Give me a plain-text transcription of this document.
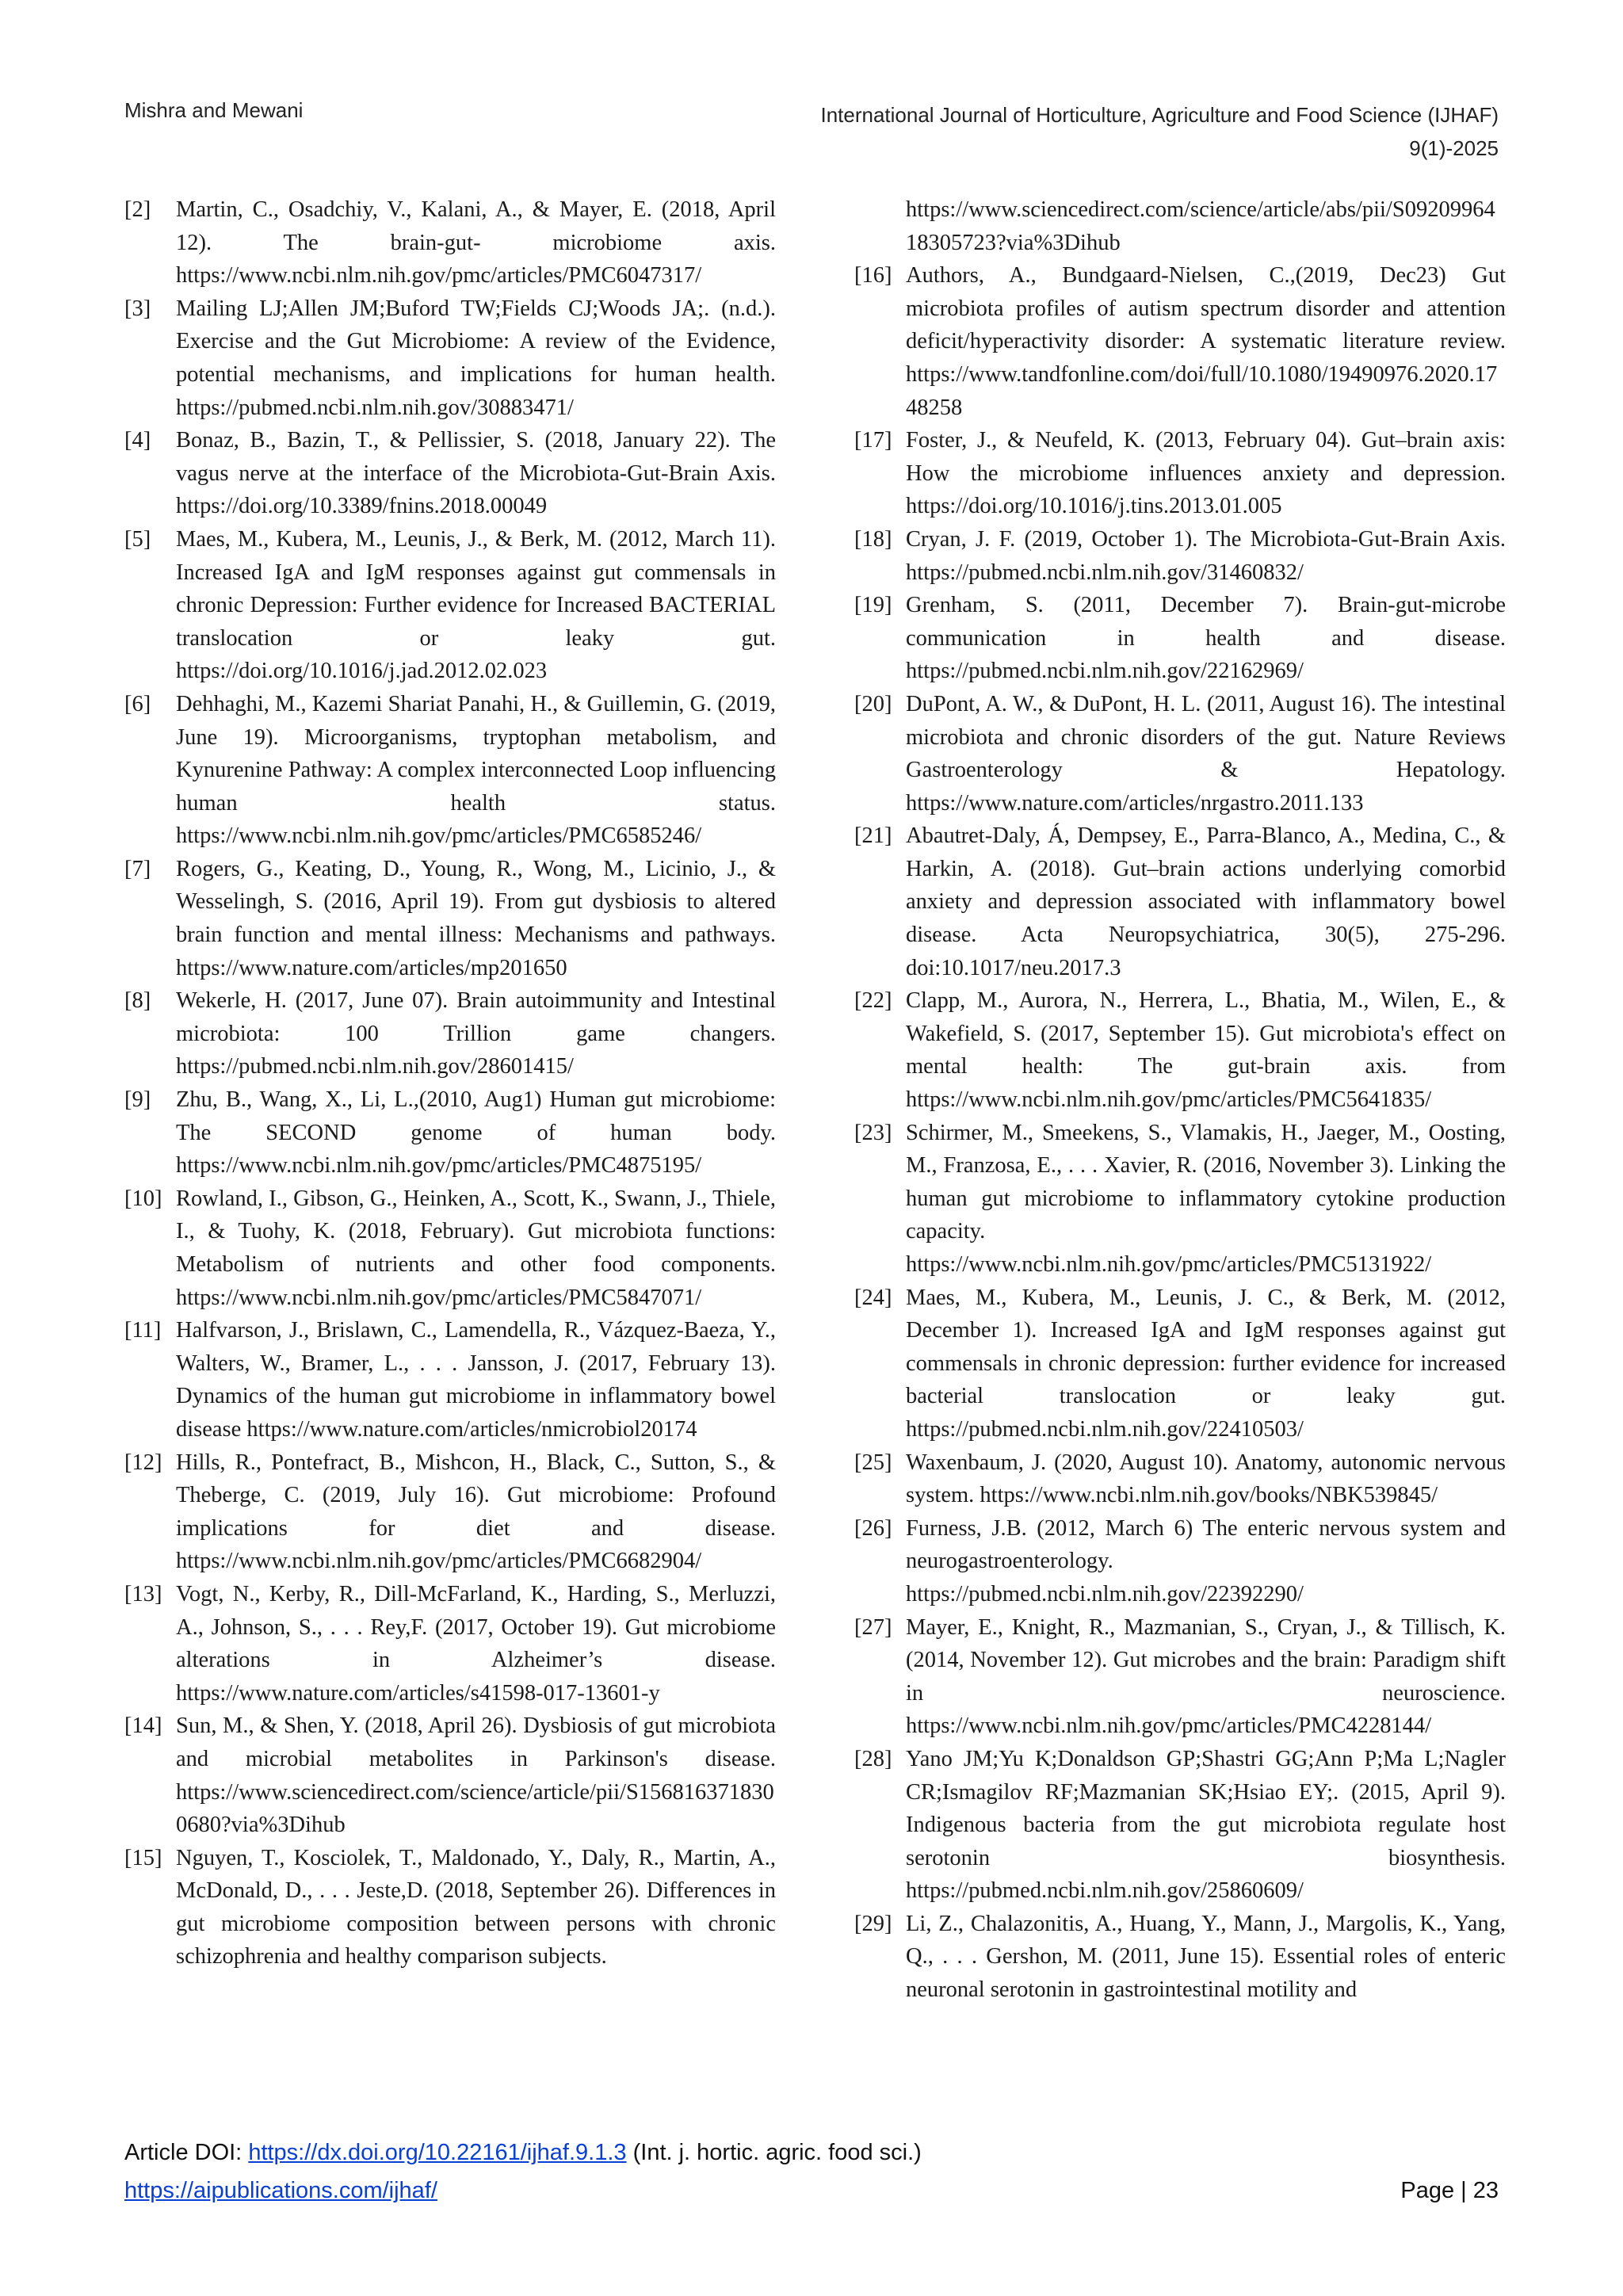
Mishra and Mewani	International Journal of Horticulture, Agriculture and Food Science (IJHAF)
9(1)-2025
[2] Martin, C., Osadchiy, V., Kalani, A., & Mayer, E. (2018, April 12). The brain-gut- microbiome axis. https://www.ncbi.nlm.nih.gov/pmc/articles/PMC6047317/
[3] Mailing LJ;Allen JM;Buford TW;Fields CJ;Woods JA;. (n.d.). Exercise and the Gut Microbiome: A review of the Evidence, potential mechanisms, and implications for human health. https://pubmed.ncbi.nlm.nih.gov/30883471/
[4] Bonaz, B., Bazin, T., & Pellissier, S. (2018, January 22). The vagus nerve at the interface of the Microbiota-Gut-Brain Axis. https://doi.org/10.3389/fnins.2018.00049
[5] Maes, M., Kubera, M., Leunis, J., & Berk, M. (2012, March 11). Increased IgA and IgM responses against gut commensals in chronic Depression: Further evidence for Increased BACTERIAL translocation or leaky gut. https://doi.org/10.1016/j.jad.2012.02.023
[6] Dehhaghi, M., Kazemi Shariat Panahi, H., & Guillemin, G. (2019, June 19). Microorganisms, tryptophan metabolism, and Kynurenine Pathway: A complex interconnected Loop influencing human health status. https://www.ncbi.nlm.nih.gov/pmc/articles/PMC6585246/
[7] Rogers, G., Keating, D., Young, R., Wong, M., Licinio, J., & Wesselingh, S. (2016, April 19). From gut dysbiosis to altered brain function and mental illness: Mechanisms and pathways. https://www.nature.com/articles/mp201650
[8] Wekerle, H. (2017, June 07). Brain autoimmunity and Intestinal microbiota: 100 Trillion game changers. https://pubmed.ncbi.nlm.nih.gov/28601415/
[9] Zhu, B., Wang, X., Li, L.,(2010, Aug1) Human gut microbiome: The SECOND genome of human body. https://www.ncbi.nlm.nih.gov/pmc/articles/PMC4875195/
[10] Rowland, I., Gibson, G., Heinken, A., Scott, K., Swann, J., Thiele, I., & Tuohy, K. (2018, February). Gut microbiota functions: Metabolism of nutrients and other food components. https://www.ncbi.nlm.nih.gov/pmc/articles/PMC5847071/
[11] Halfvarson, J., Brislawn, C., Lamendella, R., Vázquez-Baeza, Y., Walters, W., Bramer, L., . . . Jansson, J. (2017, February 13). Dynamics of the human gut microbiome in inflammatory bowel disease https://www.nature.com/articles/nmicrobiol20174
[12] Hills, R., Pontefract, B., Mishcon, H., Black, C., Sutton, S., & Theberge, C. (2019, July 16). Gut microbiome: Profound implications for diet and disease. https://www.ncbi.nlm.nih.gov/pmc/articles/PMC6682904/
[13] Vogt, N., Kerby, R., Dill-McFarland, K., Harding, S., Merluzzi, A., Johnson, S., . . . Rey,F. (2017, October 19). Gut microbiome alterations in Alzheimer’s disease. https://www.nature.com/articles/s41598-017-13601-y
[14] Sun, M., & Shen, Y. (2018, April 26). Dysbiosis of gut microbiota and microbial metabolites in Parkinson's disease. https://www.sciencedirect.com/science/article/pii/S1568163718300680?via%3Dihub
[15] Nguyen, T., Kosciolek, T., Maldonado, Y., Daly, R., Martin, A., McDonald, D., . . . Jeste,D. (2018, September 26). Differences in gut microbiome composition between persons with chronic schizophrenia and healthy comparison subjects.
https://www.sciencedirect.com/science/article/abs/pii/S0920996418305723?via%3Dihub
[16] Authors, A., Bundgaard-Nielsen, C.,(2019, Dec23) Gut microbiota profiles of autism spectrum disorder and attention deficit/hyperactivity disorder: A systematic literature review. https://www.tandfonline.com/doi/full/10.1080/19490976.2020.1748258
[17] Foster, J., & Neufeld, K. (2013, February 04). Gut–brain axis: How the microbiome influences anxiety and depression. https://doi.org/10.1016/j.tins.2013.01.005
[18] Cryan, J. F. (2019, October 1). The Microbiota-Gut-Brain Axis. https://pubmed.ncbi.nlm.nih.gov/31460832/
[19] Grenham, S. (2011, December 7). Brain-gut-microbe communication in health and disease. https://pubmed.ncbi.nlm.nih.gov/22162969/
[20] DuPont, A. W., & DuPont, H. L. (2011, August 16). The intestinal microbiota and chronic disorders of the gut. Nature Reviews Gastroenterology & Hepatology. https://www.nature.com/articles/nrgastro.2011.133
[21] Abautret-Daly, Á, Dempsey, E., Parra-Blanco, A., Medina, C., & Harkin, A. (2018). Gut–brain actions underlying comorbid anxiety and depression associated with inflammatory bowel disease. Acta Neuropsychiatrica, 30(5), 275-296. doi:10.1017/neu.2017.3
[22] Clapp, M., Aurora, N., Herrera, L., Bhatia, M., Wilen, E., & Wakefield, S. (2017, September 15). Gut microbiota's effect on mental health: The gut-brain axis. from https://www.ncbi.nlm.nih.gov/pmc/articles/PMC5641835/
[23] Schirmer, M., Smeekens, S., Vlamakis, H., Jaeger, M., Oosting, M., Franzosa, E., . . . Xavier, R. (2016, November 3). Linking the human gut microbiome to inflammatory cytokine production capacity. https://www.ncbi.nlm.nih.gov/pmc/articles/PMC5131922/
[24] Maes, M., Kubera, M., Leunis, J. C., & Berk, M. (2012, December 1). Increased IgA and IgM responses against gut commensals in chronic depression: further evidence for increased bacterial translocation or leaky gut. https://pubmed.ncbi.nlm.nih.gov/22410503/
[25] Waxenbaum, J. (2020, August 10). Anatomy, autonomic nervous system. https://www.ncbi.nlm.nih.gov/books/NBK539845/
[26] Furness, J.B. (2012, March 6) The enteric nervous system and neurogastroenterology. https://pubmed.ncbi.nlm.nih.gov/22392290/
[27] Mayer, E., Knight, R., Mazmanian, S., Cryan, J., & Tillisch, K. (2014, November 12). Gut microbes and the brain: Paradigm shift in neuroscience. https://www.ncbi.nlm.nih.gov/pmc/articles/PMC4228144/
[28] Yano JM;Yu K;Donaldson GP;Shastri GG;Ann P;Ma L;Nagler CR;Ismagilov RF;Mazmanian SK;Hsiao EY;. (2015, April 9). Indigenous bacteria from the gut microbiota regulate host serotonin biosynthesis. https://pubmed.ncbi.nlm.nih.gov/25860609/
[29] Li, Z., Chalazonitis, A., Huang, Y., Mann, J., Margolis, K., Yang, Q., . . . Gershon, M. (2011, June 15). Essential roles of enteric neuronal serotonin in gastrointestinal motility and
Article DOI: https://dx.doi.org/10.22161/ijhaf.9.1.3 (Int. j. hortic. agric. food sci.)
https://aipublications.com/ijhaf/	Page | 23
